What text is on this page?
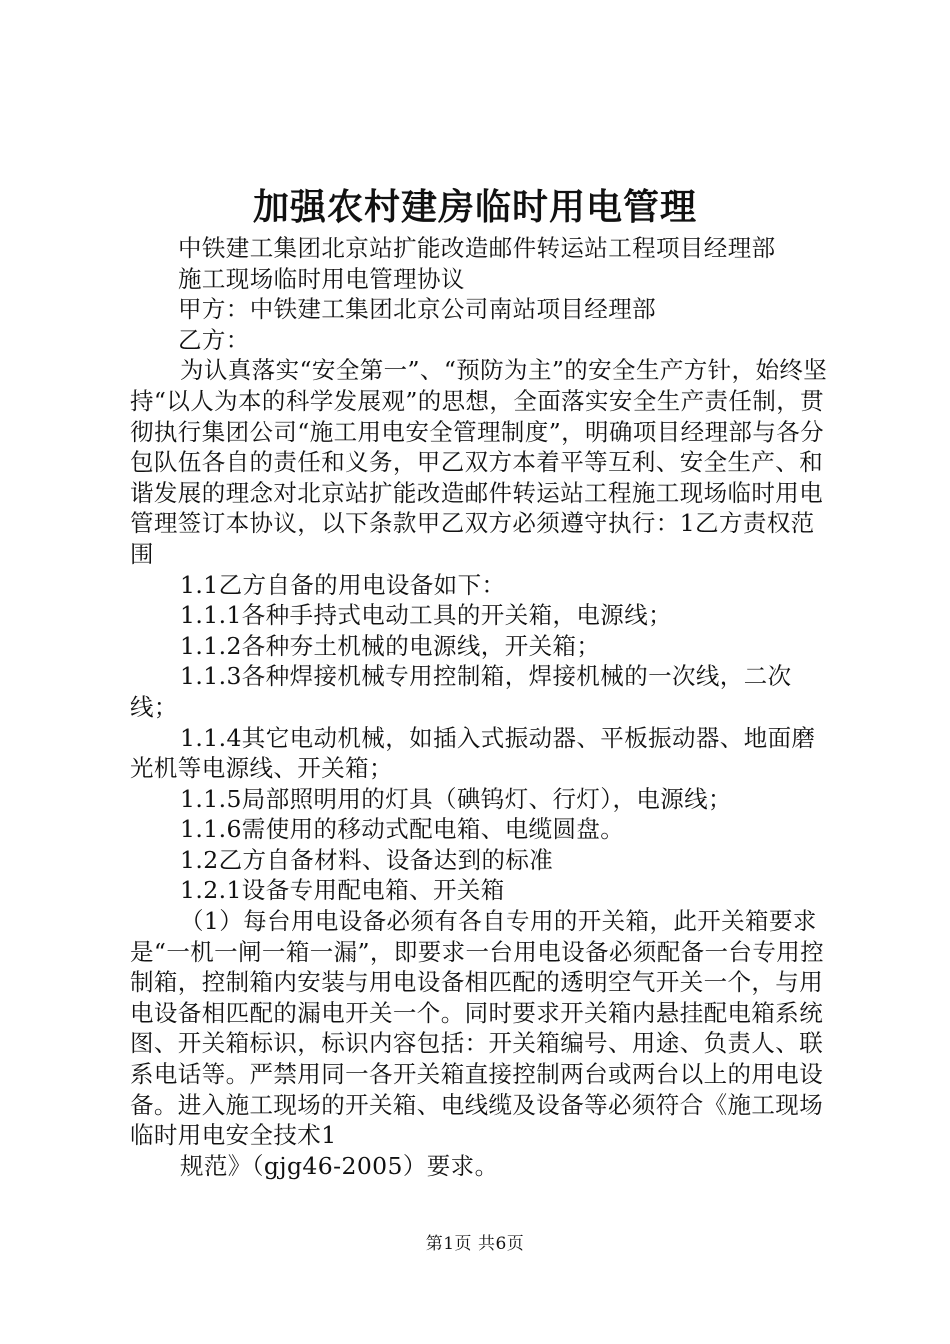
加强农村建房临时用电管理

中铁建工集团北京站扩能改造邮件转运站工程项目经理部

施工现场临时用电管理协议

甲方：中铁建工集团北京公司南站项目经理部

乙方：

为认真落实“安全第一”、“预防为主”的安全生产方针，始终坚持“以人为本的科学发展观”的思想，全面落实安全生产责任制，贯彻执行集团公司“施工用电安全管理制度”，明确项目经理部与各分包队伍各自的责任和义务，甲乙双方本着平等互利、安全生产、和谐发展的理念对北京站扩能改造邮件转运站工程施工现场临时用电管理签订本协议，以下条款甲乙双方必须遵守执行：1乙方责权范围

1.1乙方自备的用电设备如下：

1.1.1各种手持式电动工具的开关箱，电源线；

1.1.2各种夯土机械的电源线，开关箱；

1.1.3各种焊接机械专用控制箱，焊接机械的一次线，二次线；

1.1.4其它电动机械，如插入式振动器、平板振动器、地面磨光机等电源线、开关箱；

1.1.5局部照明用的灯具（碘钨灯、行灯），电源线；

1.1.6需使用的移动式配电箱、电缆圆盘。

1.2乙方自备材料、设备达到的标准

1.2.1设备专用配电箱、开关箱

（1）每台用电设备必须有各自专用的开关箱，此开关箱要求是“一机一闸一箱一漏”，即要求一台用电设备必须配备一台专用控制箱，控制箱内安装与用电设备相匹配的透明空气开关一个，与用电设备相匹配的漏电开关一个。同时要求开关箱内悬挂配电箱系统图、开关箱标识，标识内容包括：开关箱编号、用途、负责人、联系电话等。严禁用同一各开关箱直接控制两台或两台以上的用电设备。进入施工现场的开关箱、电线缆及设备等必须符合《施工现场临时用电安全技术1

规范》（gjg46-2005）要求。

第1页 共6页
